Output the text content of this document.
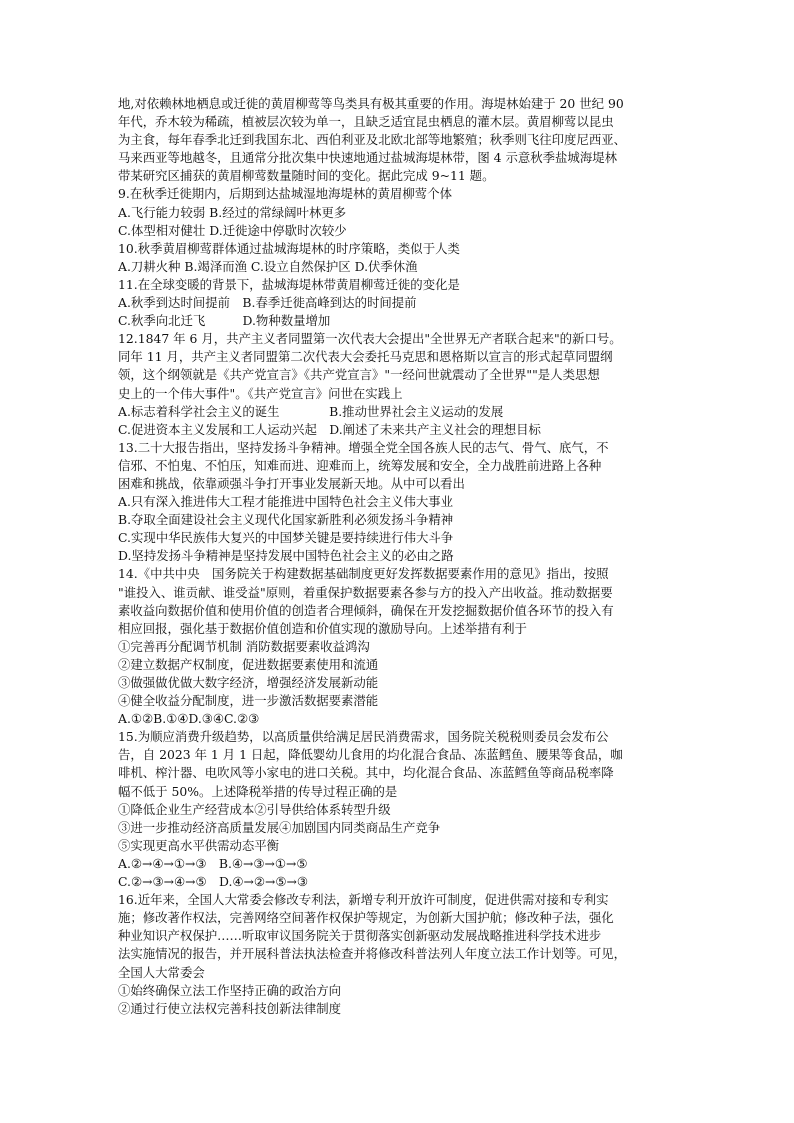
地,对依赖林地栖息或迁徙的黄眉柳莺等鸟类具有极其重要的作用。海堤林始建于 20 世纪 90
年代，乔木较为稀疏，植被层次较为单一，且缺乏适宜昆虫栖息的灌木层。黄眉柳莺以昆虫
为主食，每年春季北迁到我国东北、西伯利亚及北欧北部等地繁殖；秋季则飞往印度尼西亚、
马来西亚等地越冬，且通常分批次集中快速地通过盐城海堤林带，图 4 示意秋季盐城海堤林
带某研究区捕获的黄眉柳莺数量随时间的变化。据此完成 9~11 题。
9.在秋季迁徙期内，后期到达盐城湿地海堤林的黄眉柳莺个体
A.飞行能力较弱 B.经过的常绿阔叶林更多
C.体型相对健壮 D.迁徙途中停歇时次较少
10.秋季黄眉柳莺群体通过盐城海堤林的时序策略，类似于人类
A.刀耕火种 B.竭泽而渔 C.设立自然保护区 D.伏季休渔
11.在全球变暖的背景下，盐城海堤林带黄眉柳莺迁徙的变化是
A.秋季到达时间提前　B.春季迁徙高峰到达的时间提前
C.秋季向北迁飞　　　D.物种数量增加
12.1847 年 6 月，共产主义者同盟第一次代表大会提出"全世界无产者联合起来"的新口号。
同年 11 月，共产主义者同盟第二次代表大会委托马克思和恩格斯以宣言的形式起草同盟纲
领，这个纲领就是《共产党宣言》《共产党宣言》"一经问世就震动了全世界""是人类思想
史上的一个伟大事件"。《共产党宣言》问世在实践上
A.标志着科学社会主义的诞生　　　　B.推动世界社会主义运动的发展
C.促进资本主义发展和工人运动兴起　D.阐述了未来共产主义社会的理想目标
13.二十大报告指出，坚持发扬斗争精神。增强全党全国各族人民的志气、骨气、底气，不
信邪、不怕鬼、不怕压，知难而进、迎难而上，统筹发展和安全，全力战胜前进路上各种
困难和挑战，依靠顽强斗争打开事业发展新天地。从中可以看出
A.只有深入推进伟大工程才能推进中国特色社会主义伟大事业
B.夺取全面建设社会主义现代化国家新胜利必须发扬斗争精神
C.实现中华民族伟大复兴的中国梦关键是要持续进行伟大斗争
D.坚持发扬斗争精神是坚持发展中国特色社会主义的必由之路
14.《中共中央　国务院关于构建数据基础制度更好发挥数据要素作用的意见》指出，按照
"谁投入、谁贡献、谁受益"原则，着重保护数据要素各参与方的投入产出收益。推动数据要
素收益向数据价值和使用价值的创造者合理倾斜，确保在开发挖掘数据价值各环节的投入有
相应回报，强化基于数据价值创造和价值实现的激励导向。上述举措有利于
①完善再分配调节机制 消防数据要素收益鸿沟
②建立数据产权制度，促进数据要素使用和流通
③做强做优做大数字经济，增强经济发展新动能
④健全收益分配制度，进一步激活数据要素潜能
A.①②B.①④D.③④C.②③
15.为顺应消费升级趋势，以高质量供给满足居民消费需求，国务院关税税则委员会发布公
告，自 2023 年 1 月 1 日起，降低婴幼儿食用的均化混合食品、冻蓝鳕鱼、腰果等食品，咖
啡机、榨汁器、电吹风等小家电的进口关税。其中，均化混合食品、冻蓝鳕鱼等商品税率降
幅不低于 50%。上述降税举措的传导过程正确的是
①降低企业生产经营成本②引导供给体系转型升级
③进一步推动经济高质量发展④加剧国内同类商品生产竞争
⑤实现更高水平供需动态平衡
A.②→④→①→③　B.④→③→①→⑤
C.②→③→④→⑤　D.④→②→⑤→③
16.近年来，全国人大常委会修改专利法，新增专利开放许可制度，促进供需对接和专利实
施；修改著作权法，完善网络空间著作权保护等规定，为创新大国护航；修改种子法，强化
种业知识产权保护……听取审议国务院关于贯彻落实创新驱动发展战略推进科学技术进步
法实施情况的报告，并开展科普法执法检查并将修改科普法列人年度立法工作计划等。可见，
全国人大常委会
①始终确保立法工作坚持正确的政治方向
②通过行使立法权完善科技创新法律制度
